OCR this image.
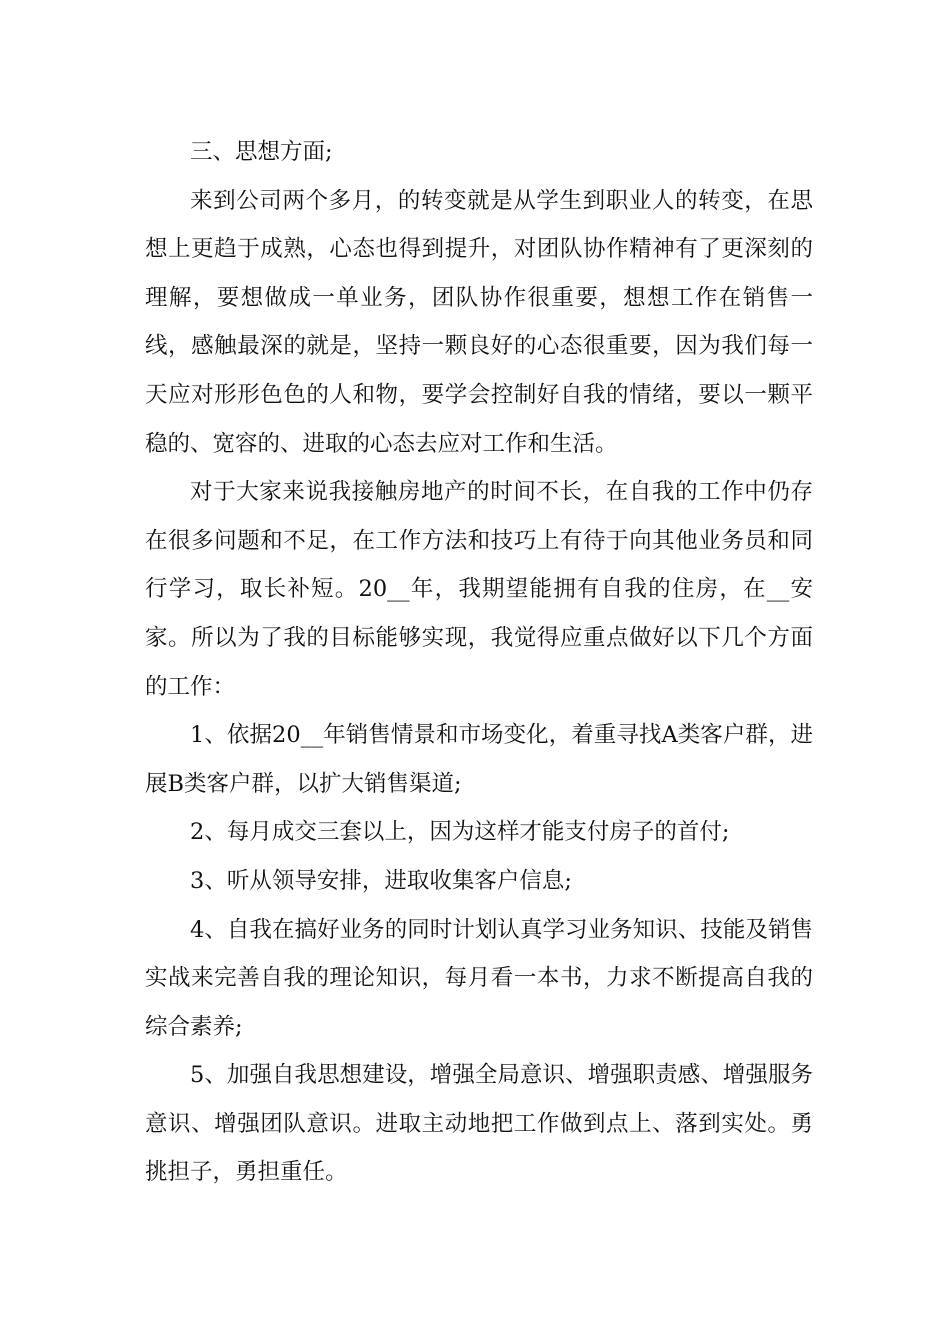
三、思想方面;

来到公司两个多月，的转变就是从学生到职业人的转变，在思想上更趋于成熟，心态也得到提升，对团队协作精神有了更深刻的理解，要想做成一单业务，团队协作很重要，想想工作在销售一线，感触最深的就是，坚持一颗良好的心态很重要，因为我们每一天应对形形色色的人和物，要学会控制好自我的情绪，要以一颗平稳的、宽容的、进取的心态去应对工作和生活。

对于大家来说我接触房地产的时间不长，在自我的工作中仍存在很多问题和不足，在工作方法和技巧上有待于向其他业务员和同行学习，取长补短。20__年，我期望能拥有自我的住房，在__安家。所以为了我的目标能够实现，我觉得应重点做好以下几个方面的工作：

1、依据20__年销售情景和市场变化，着重寻找A类客户群，进展B类客户群，以扩大销售渠道;

2、每月成交三套以上，因为这样才能支付房子的首付;

3、听从领导安排，进取收集客户信息;

4、自我在搞好业务的同时计划认真学习业务知识、技能及销售实战来完善自我的理论知识，每月看一本书，力求不断提高自我的综合素养;

5、加强自我思想建设，增强全局意识、增强职责感、增强服务意识、增强团队意识。进取主动地把工作做到点上、落到实处。勇挑担子，勇担重任。
